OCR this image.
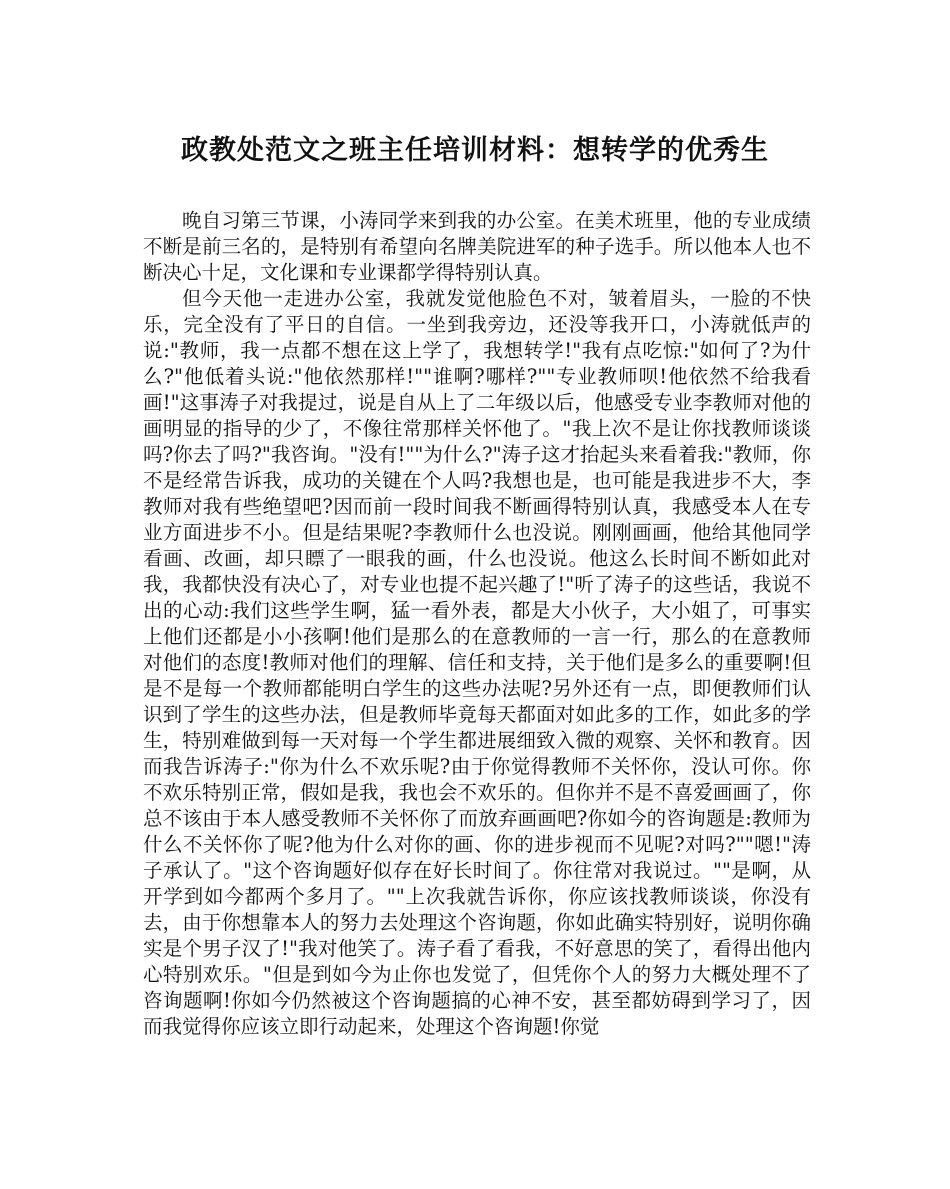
政教处范文之班主任培训材料：想转学的优秀生

晚自习第三节课，小涛同学来到我的办公室。在美术班里，他的专业成绩不断是前三名的，是特别有希望向名牌美院进军的种子选手。所以他本人也不断决心十足，文化课和专业课都学得特别认真。

但今天他一走进办公室，我就发觉他脸色不对，皱着眉头，一脸的不快乐，完全没有了平日的自信。一坐到我旁边，还没等我开口，小涛就低声的说:"教师，我一点都不想在这上学了，我想转学!"我有点吃惊:"如何了?为什么?"他低着头说:"他依然那样!""谁啊?哪样?""专业教师呗!他依然不给我看画!"这事涛子对我提过，说是自从上了二年级以后，他感受专业李教师对他的画明显的指导的少了，不像往常那样关怀他了。"我上次不是让你找教师谈谈吗?你去了吗?"我咨询。"没有!""为什么?"涛子这才抬起头来看着我:"教师，你不是经常告诉我，成功的关键在个人吗?我想也是，也可能是我进步不大，李教师对我有些绝望吧?因而前一段时间我不断画得特别认真，我感受本人在专业方面进步不小。但是结果呢?李教师什么也没说。刚刚画画，他给其他同学看画、改画，却只瞟了一眼我的画，什么也没说。他这么长时间不断如此对我，我都快没有决心了，对专业也提不起兴趣了!"听了涛子的这些话，我说不出的心动:我们这些学生啊，猛一看外表，都是大小伙子，大小姐了，可事实上他们还都是小小孩啊!他们是那么的在意教师的一言一行，那么的在意教师对他们的态度!教师对他们的理解、信任和支持，关于他们是多么的重要啊!但是不是每一个教师都能明白学生的这些办法呢?另外还有一点，即便教师们认识到了学生的这些办法，但是教师毕竟每天都面对如此多的工作，如此多的学生，特别难做到每一天对每一个学生都进展细致入微的观察、关怀和教育。因而我告诉涛子:"你为什么不欢乐呢?由于你觉得教师不关怀你，没认可你。你不欢乐特别正常，假如是我，我也会不欢乐的。但你并不是不喜爱画画了，你总不该由于本人感受教师不关怀你了而放弃画画吧?你如今的咨询题是:教师为什么不关怀你了呢?他为什么对你的画、你的进步视而不见呢?对吗?""嗯!"涛子承认了。"这个咨询题好似存在好长时间了。你往常对我说过。""是啊，从开学到如今都两个多月了。""上次我就告诉你，你应该找教师谈谈，你没有去，由于你想靠本人的努力去处理这个咨询题，你如此确实特别好，说明你确实是个男子汉了!"我对他笑了。涛子看了看我，不好意思的笑了，看得出他内心特别欢乐。"但是到如今为止你也发觉了，但凭你个人的努力大概处理不了咨询题啊!你如今仍然被这个咨询题搞的心神不安，甚至都妨碍到学习了，因而我觉得你应该立即行动起来，处理这个咨询题!你觉
